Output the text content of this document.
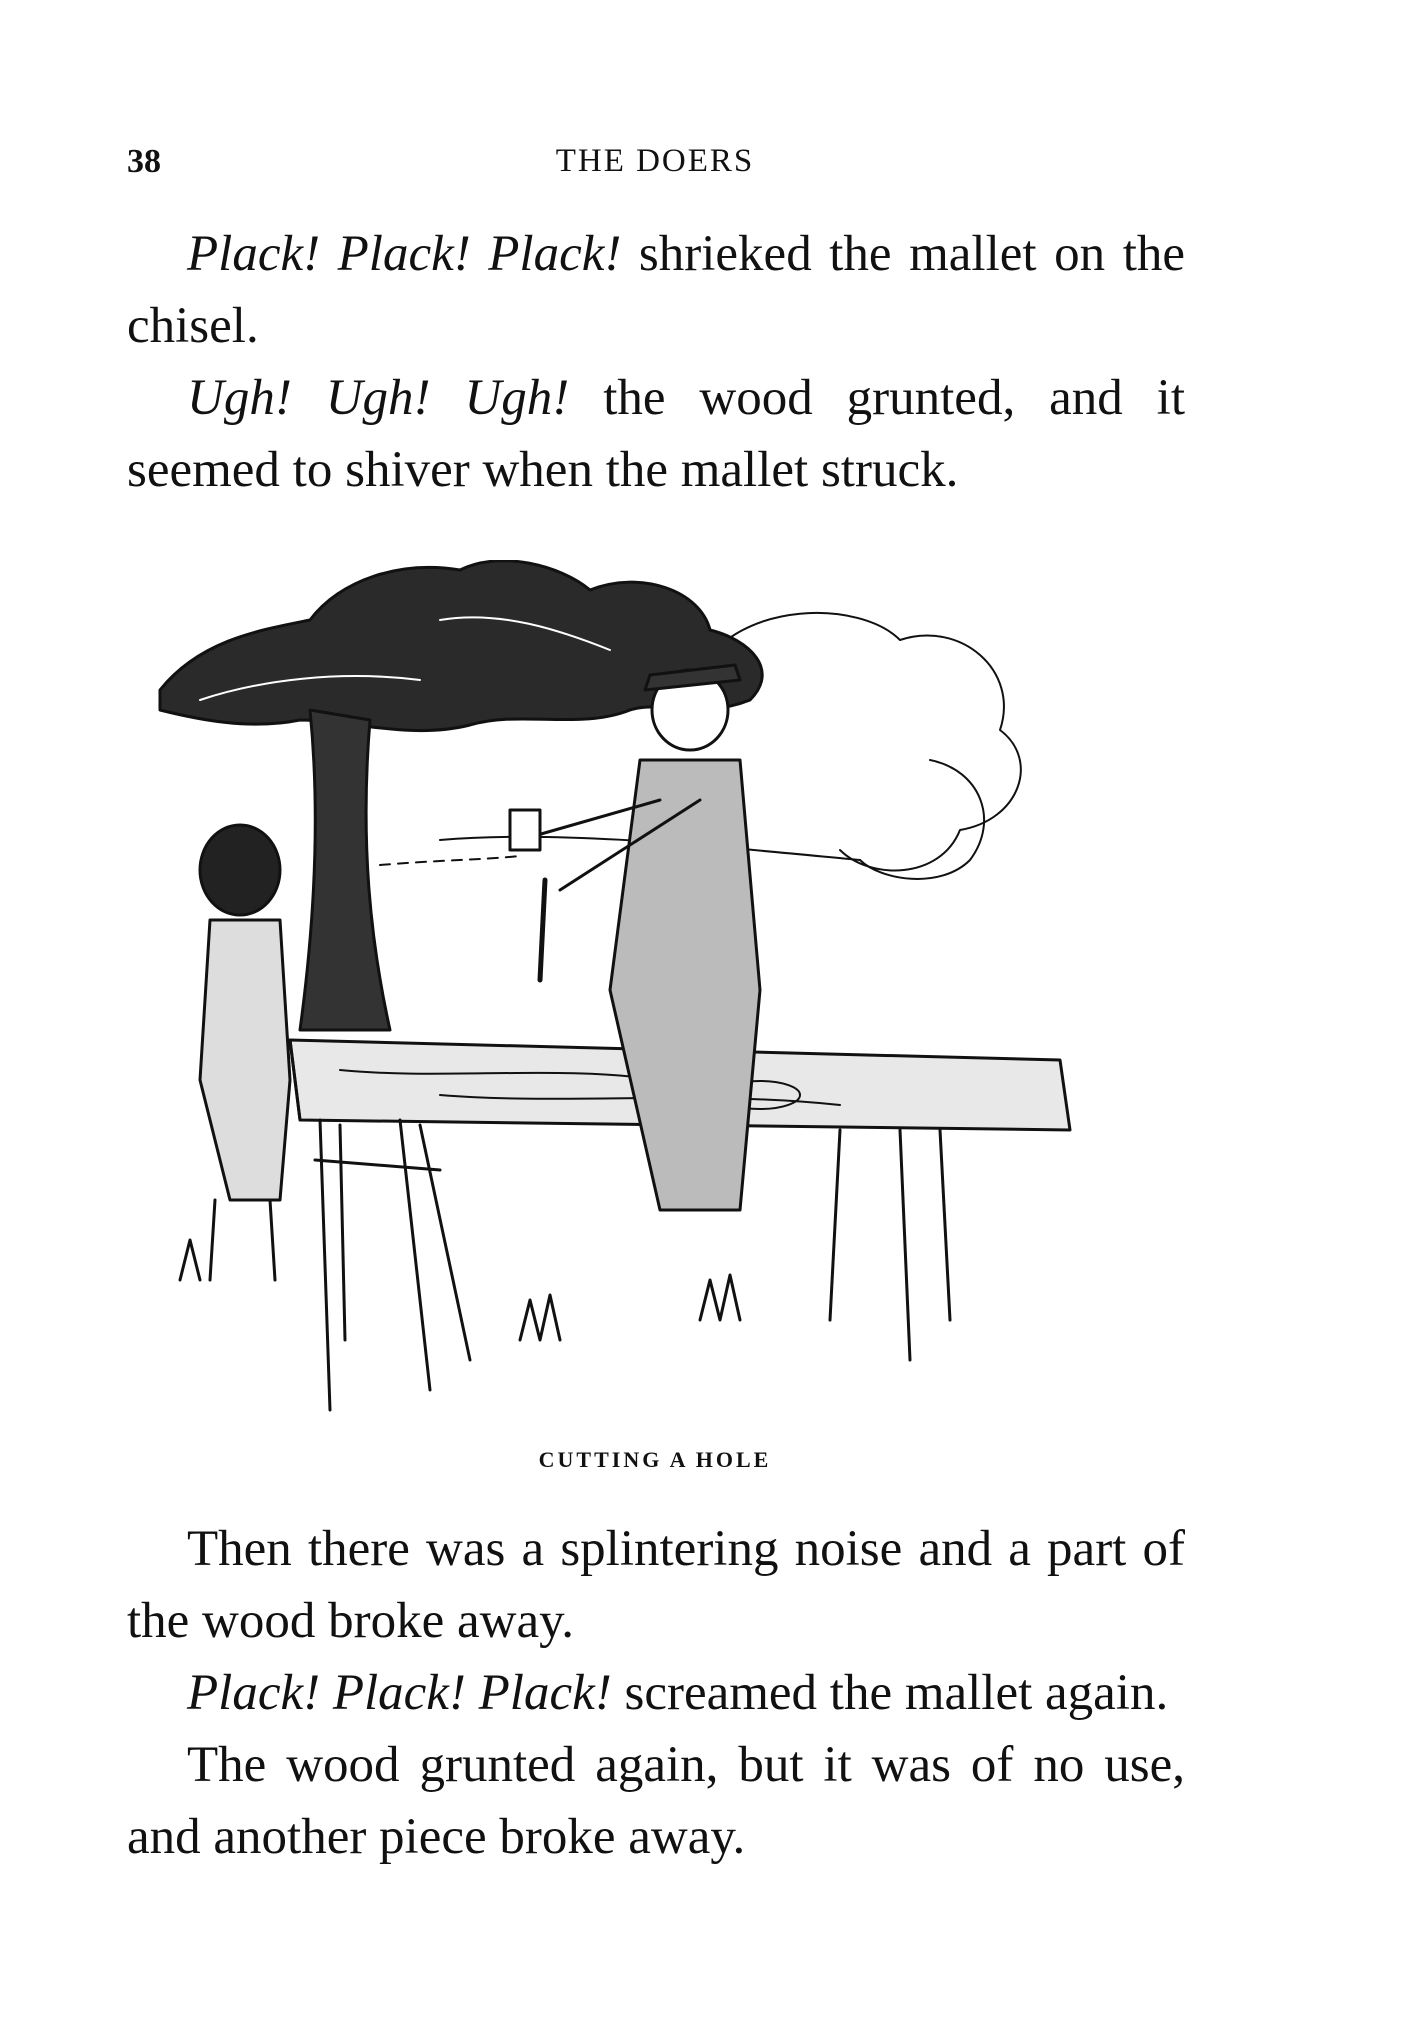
38	THE DOERS

Plack! Plack! Plack! shrieked the mallet on the chisel.

Ugh! Ugh! Ugh! the wood grunted, and it seemed to shiver when the mallet struck.

CUTTING A HOLE

Then there was a splintering noise and a part of the wood broke away.

Plack! Plack! Plack! screamed the mallet again.

The wood grunted again, but it was of no use, and another piece broke away.
